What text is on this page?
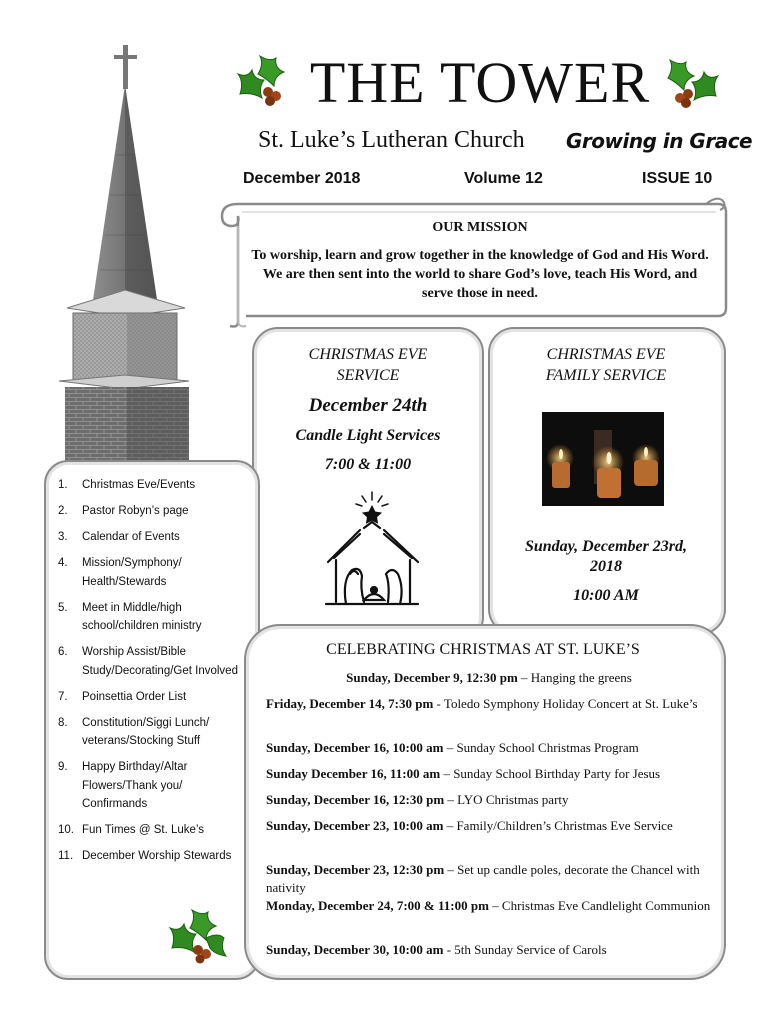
THE TOWER
St. Luke’s Lutheran Church Growing in Grace
December 2018	Volume 12	ISSUE 10
OUR MISSION
To worship, learn and grow together in the knowledge of God and His Word. We are then sent into the world to share God’s love, teach His Word, and serve those in need.
CHRISTMAS EVE
SERVICE
December 24th
Candle Light Services
7:00 & 11:00
CHRISTMAS EVE
FAMILY SERVICE
Sunday, December 23rd,
2018
10:00 AM
1.	Christmas Eve/Events
2.	Pastor Robyn’s page
3.	Calendar of Events
4.	Mission/Symphony/ Health/Stewards
5.	Meet in Middle/high school/children ministry
6.	Worship Assist/Bible Study/Decorating/Get Involved
7.	Poinsettia Order List
8.	Constitution/Siggi Lunch/ veterans/Stocking Stuff
9.	Happy Birthday/Altar Flowers/Thank you/ Confirmands
10. Fun Times @ St. Luke’s
11. December Worship Stewards
CELEBRATING CHRISTMAS AT ST. LUKE’S
Sunday, December 9, 12:30 pm – Hanging the greens
Friday, December 14, 7:30 pm - Toledo Symphony Holiday Concert at St. Luke’s
Sunday, December 16, 10:00 am – Sunday School Christmas Program
Sunday December 16, 11:00 am – Sunday School Birthday Party for Jesus
Sunday, December 16, 12:30 pm – LYO Christmas party
Sunday, December 23, 10:00 am – Family/Children’s Christmas Eve Service
Sunday, December 23, 12:30 pm – Set up candle poles, decorate the Chancel with nativity
Monday, December 24, 7:00 & 11:00 pm – Christmas Eve Candlelight Communion
Sunday, December 30, 10:00 am - 5th Sunday Service of Carols
